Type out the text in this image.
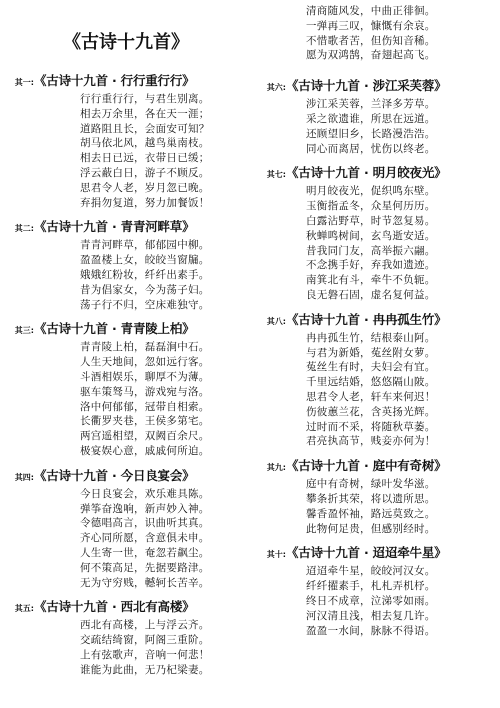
《古诗十九首》
其一: 《古诗十九首 · 行行重行行》
行行重行行，与君生别离。
相去万余里，各在天一涯；
道路阻且长，会面安可知？
胡马依北风，越鸟巢南枝。
相去日已远，衣带日已缓；
浮云蔽白日，游子不顾反。
思君令人老，岁月忽已晚。
弃捐勿复道，努力加餐饭！
其二: 《古诗十九首 · 青青河畔草》
青青河畔草，郁郁园中柳。
盈盈楼上女，皎皎当窗牖。
娥娥红粉妆，纤纤出素手。
昔为倡家女，今为荡子妇。
荡子行不归，空床难独守。
其三: 《古诗十九首 · 青青陵上柏》
青青陵上柏，磊磊涧中石。
人生天地间，忽如远行客。
斗酒相娱乐，聊厚不为薄。
驱车策驽马，游戏宛与洛。
洛中何郁郁，冠带自相索。
长衢罗夹巷，王侯多第宅。
两宫遥相望，双阙百余尺。
极宴娱心意，戚戚何所迫。
其四: 《古诗十九首 · 今日良宴会》
今日良宴会，欢乐难具陈。
弹筝奋逸响，新声妙入神。
令德唱高言，识曲听其真。
齐心同所愿，含意俱未申。
人生寄一世，奄忽若飙尘。
何不策高足，先据要路津。
无为守穷贱，轗轲长苦辛。
其五: 《古诗十九首 · 西北有高楼》
西北有高楼，上与浮云齐。
交疏结绮窗，阿阁三重阶。
上有弦歌声，音响一何悲！
谁能为此曲，无乃杞梁妻。
清商随风发，中曲正徘徊。
一弹再三叹，慷慨有余哀。
不惜歌者苦，但伤知音稀。
愿为双鸿鹄，奋翅起高飞。
其六: 《古诗十九首 · 涉江采芙蓉》
涉江采芙蓉，兰泽多芳草。
采之欲遗谁，所思在远道。
还顾望旧乡，长路漫浩浩。
同心而离居，忧伤以终老。
其七: 《古诗十九首 · 明月皎夜光》
明月皎夜光，促织鸣东壁。
玉衡指孟冬，众星何历历。
白露沾野草，时节忽复易。
秋蝉鸣树间，玄鸟逝安适。
昔我同门友，高举振六翮。
不念携手好，弃我如遗迹。
南箕北有斗，牵牛不负轭。
良无磐石固，虚名复何益。
其八: 《古诗十九首 · 冉冉孤生竹》
冉冉孤生竹，结根泰山阿。
与君为新婚，菟丝附女萝。
菟丝生有时，夫妇会有宜。
千里远结婚，悠悠隔山陂。
思君令人老，轩车来何迟！
伤彼蕙兰花，含英扬光辉。
过时而不采，将随秋草萎。
君亮执高节，贱妾亦何为！
其九: 《古诗十九首 · 庭中有奇树》
庭中有奇树，绿叶发华滋。
攀条折其荣，将以遗所思。
馨香盈怀袖，路远莫致之。
此物何足贵，但感别经时。
其十: 《古诗十九首 · 迢迢牵牛星》
迢迢牵牛星，皎皎河汉女。
纤纤擢素手，札札弄机杼。
终日不成章，泣涕零如雨。
河汉清且浅，相去复几许。
盈盈一水间，脉脉不得语。
